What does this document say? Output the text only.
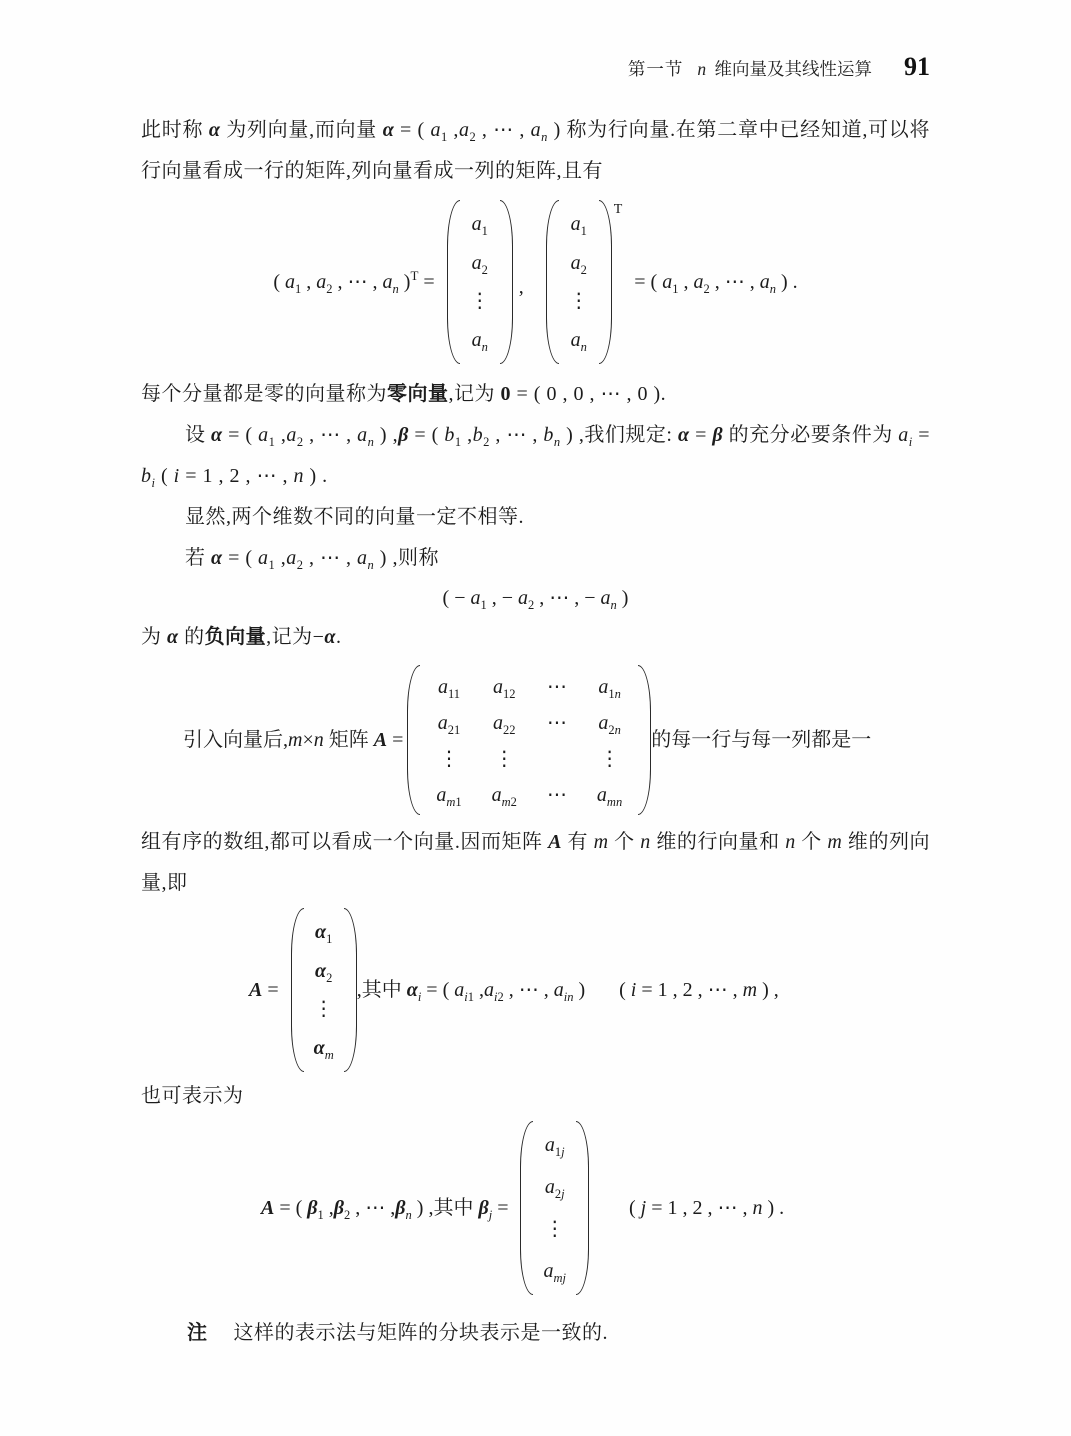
第一节 n 维向量及其线性运算 91

此时称 α 为列向量,而向量 α = ( $a_1$ $,a_2$ , ⋯ , $a_n$ ) 称为行向量.在第二章中已经知道,可以将行向量看成一行的矩阵,列向量看成一列的矩阵,且有

( $a_1$ , $a_2$ , ⋯ , $a_n$ )$^T$ =
$a_1$
$a_2$
⋮
$a_n$
,
$a_1$
$a_2$
⋮
$a_n$
T
= ( $a_1$ , $a_2$ , ⋯ , $a_n$ ) .

每个分量都是零的向量称为零向量,记为 0 = ( 0 , 0 , ⋯ , 0 ).

设 α = ( $a_1$ $,a_2$ , ⋯ , $a_n$ ) ,β = ( $b_1$ $,b_2$ , ⋯ , $b_n$ ) ,我们规定: α = β 的充分必要条件为 $a_i = b_i$ ( i = 1 , 2 , ⋯ , n ) .

显然,两个维数不同的向量一定不相等.

若 α = ( $a_1$ $,a_2$ , ⋯ , $a_n$ ) ,则称

( − $a_1$ , − $a_2$ , ⋯ , − $a_n$ )

为 α 的负向量,记为−α.

引入向量后,m×n 矩阵 A =
$a_{11}$ $a_{12}$ ⋯ $a_{1n}$
$a_{21}$ $a_{22}$ ⋯ $a_{2n}$
⋮ ⋮	⋮
$a_{m1}$ $a_{m2}$ ⋯ $a_{mn}$
的每一行与每一列都是一

组有序的数组,都可以看成一个向量.因而矩阵 A 有 m 个 n 维的行向量和 n 个 m 维的列向量,即

A =
$\alpha_1$
$\alpha_2$
⋮
$\alpha_m$
,其中 $\alpha_i$ = ( $a_{i1}$ $,a_{i2}$ , ⋯ , $a_{in}$ ) ( i = 1 , 2 , ⋯ , m ) ,

也可表示为

A = ( $\beta_1$ $,\beta_2$ , ⋯ $,\beta_n$ ) ,其中 $\beta_j$ =
$a_{1j}$
$a_{2j}$
⋮
$a_{mj}$
( j = 1 , 2 , ⋯ , n ) .
注 这样的表示法与矩阵的分块表示是一致的.
